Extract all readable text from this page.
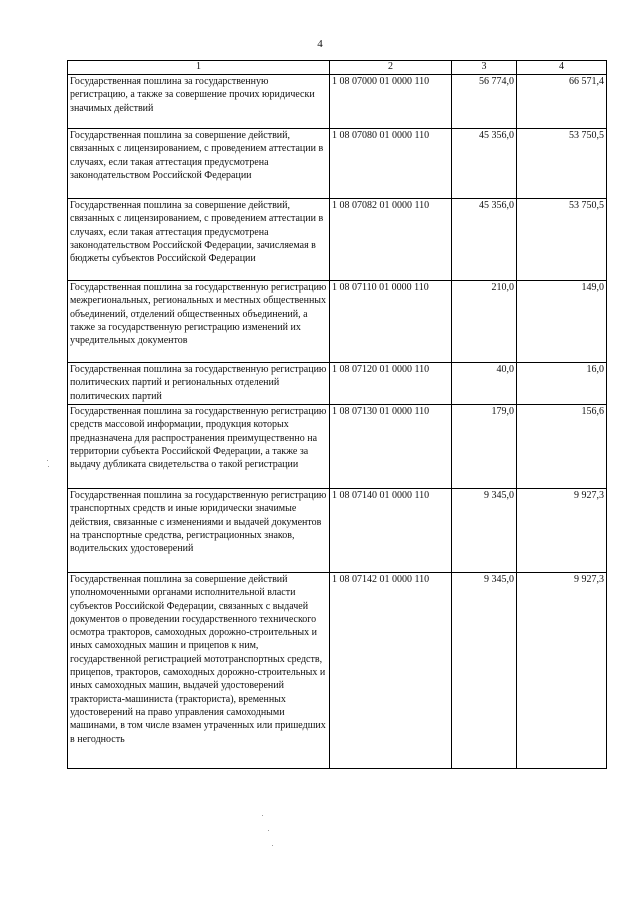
4
1	2	3	4
Государственная пошлина за государственную регистрацию, а также за совершение прочих юридически значимых действий	1 08 07000 01 0000 110	56 774,0	66 571,4
Государственная пошлина за совершение действий, связанных с лицензированием, с проведением аттестации в случаях, если такая аттестация предусмотрена законодательством Российской Федерации	1 08 07080 01 0000 110	45 356,0	53 750,5
Государственная пошлина за совершение действий, связанных с лицензированием, с проведением аттестации в случаях, если такая аттестация предусмотрена законодательством Российской Федерации, зачисляемая в бюджеты субъектов Российской Федерации	1 08 07082 01 0000 110	45 356,0	53 750,5
Государственная пошлина за государственную регистрацию межрегиональных, региональных и местных общественных объединений, отделений общественных объединений, а также за государственную регистрацию изменений их учредительных документов	1 08 07110 01 0000 110	210,0	149,0
Государственная пошлина за государственную регистрацию политических партий и региональных отделений политических партий	1 08 07120 01 0000 110	40,0	16,0
Государственная пошлина за государственную регистрацию средств массовой информации, продукция которых предназначена для распространения преимущественно на территории субъекта Российской Федерации, а также за выдачу дубликата свидетельства о такой регистрации	1 08 07130 01 0000 110	179,0	156,6
Государственная пошлина за государственную регистрацию транспортных средств и иные юридически значимые действия, связанные с изменениями и выдачей документов на транспортные средства, регистрационных знаков, водительских удостоверений	1 08 07140 01 0000 110	9 345,0	9 927,3
Государственная пошлина за совершение действий уполномоченными органами исполнительной власти субъектов Российской Федерации, связанных с выдачей документов о проведении государственного технического осмотра тракторов, самоходных дорожно-строительных и иных самоходных машин и прицепов к ним, государственной регистрацией мототранспортных средств, прицепов, тракторов, самоходных дорожно-строительных и иных самоходных машин, выдачей удостоверений тракториста-машиниста (тракториста), временных удостоверений на право управления самоходными машинами, в том числе взамен утраченных или пришедших в негодность	1 08 07142 01 0000 110	9 345,0	9 927,3
